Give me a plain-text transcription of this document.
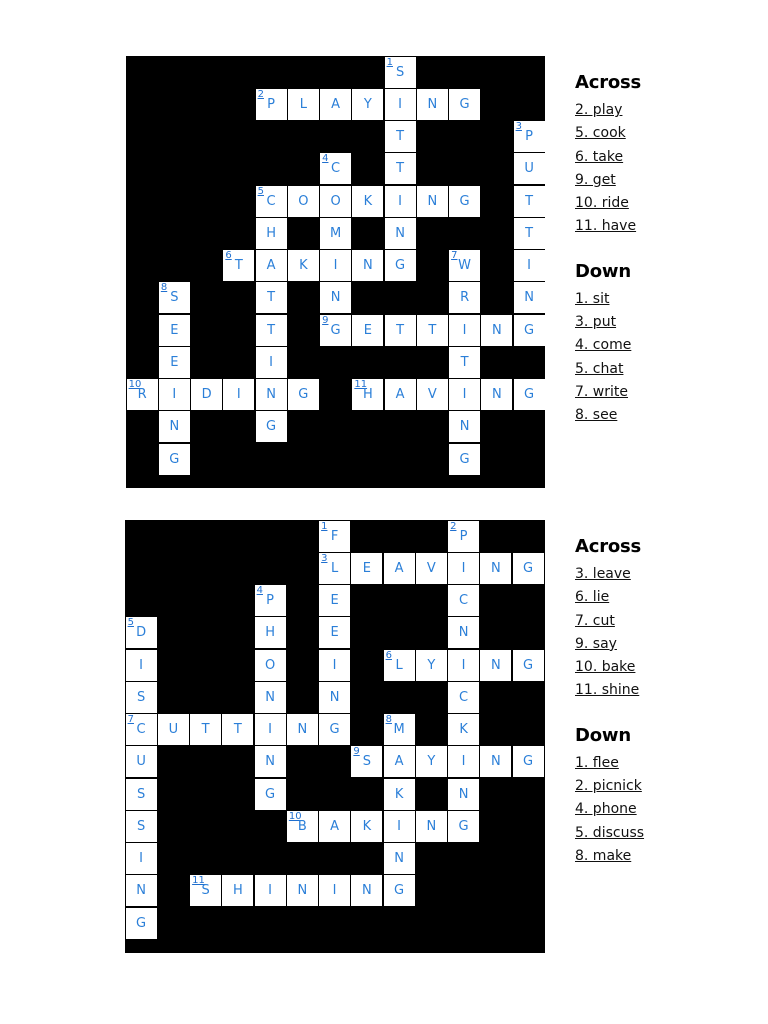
1
S
2
P	L	A	Y	I	N	G
T
3
P
4
C	T	U
5
C	O	O	K	I	N	G	T
H	M	N	T
6
T	A	K	I	N	G
7
W	I
8
S	T	N	R	N
E	T
9
G	E	T	T	I	N	G
E	I	T
10
R	I	D	I	N	G
11
H	A	V	I	N	G
N	G	N
G	G
1
F
2
P
3
L	E	A	V	I	N	G
4
P	E	C
5
D	H	E	N
I	O	I
6
L	Y	I	N	G
S	N	N	C
7
C	U	T	T	I	N	G
8
M	K
U	N
9
S	A	Y	I	N	G
S	G	K	N
S
10
B	A	K	I	N	G
I	N
N
11
S	H	I	N	I	N	G
G
Across
2. play
5. cook
6. take
9. get
10. ride
11. have
Down
1. sit
3. put
4. come
5. chat
7. write
8. see
Across
3. leave
6. lie
7. cut
9. say
10. bake
11. shine
Down
1. flee
2. picnick
4. phone
5. discuss
8. make
